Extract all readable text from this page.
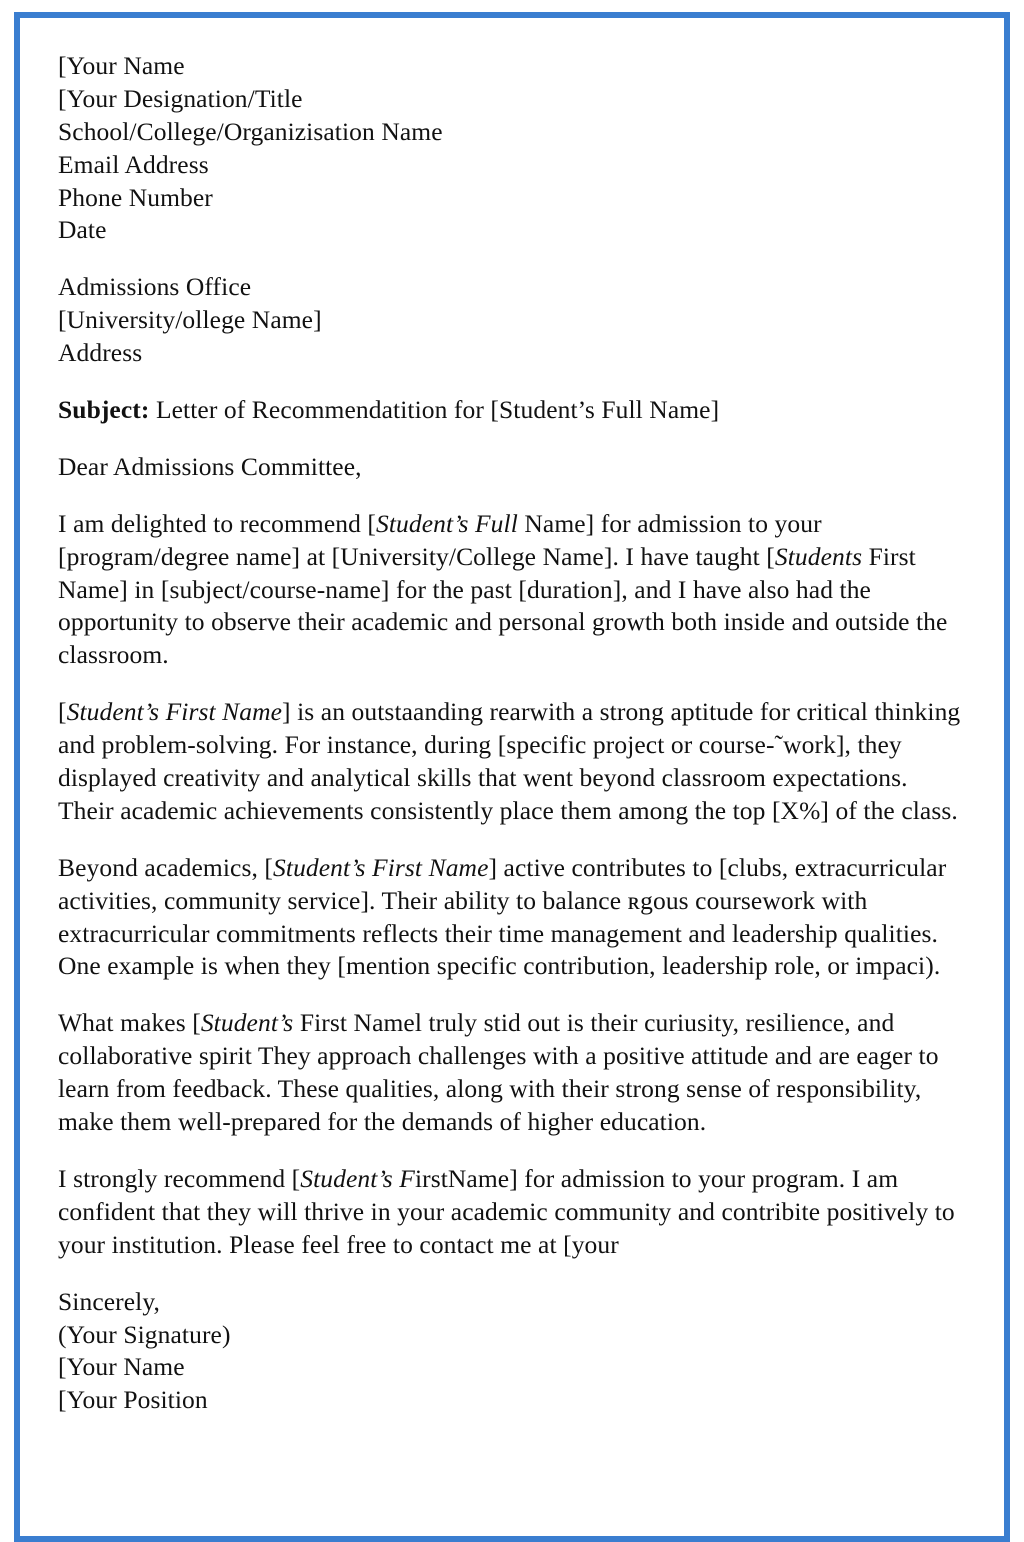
[Your Name
[Your Designation/Title
School/College/Organizisation Name
Email Address
Phone Number
Date
Admissions Office
[University/ollege Name]
Address
Subject: Letter of Recommendatition for [Student’s Full Name]
Dear Admissions Committee,
I am delighted to recommend [Student’s Full Name] for admission to your [program/degree name] at [University/College Name]. I have taught [Students First Name] in [subject/course-name] for the past [duration], and I have also had the opportunity to observe their academic and personal growth both inside and outside the classroom.
[Student’s First Name] is an outstaanding rearwith a strong aptitude for critical thinking and problem-solving. For instance, during [specific project or course-˜work], they displayed creativity and analytical skills that went beyond classroom expectations. Their academic achievements consistently place them among the top [X%] of the class.
Beyond academics, [Student’s First Name] active contributes to [clubs, extracurricular activities, community service]. Their ability to balance ʀgous coursework with extracurricular commitments reflects their time management and leadership qualities. One example is when they [mention specific contribution, leadership role, or impaci).
What makes [Student’s First Namel truly stid out is their curiusity, resilience, and collaborative spirit They approach challenges with a positive attitude and are eager to learn from feedback. These qualities, along with their strong sense of responsibility, make them well-prepared for the demands of higher education.
I strongly recommend [Student’s FirstName] for admission to your program. I am confident that they will thrive in your academic community and contribite positively to your institution. Please feel free to contact me at [your
Sincerely,
(Your Signature)
[Your Name
[Your Position
